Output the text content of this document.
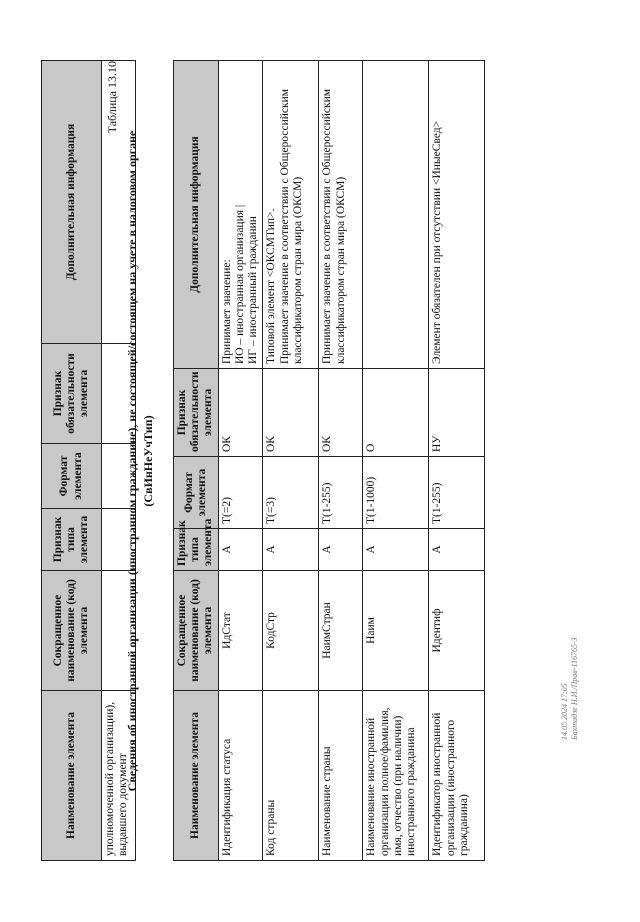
Наименование элемента	Сокращенное наименование (код) элемента	Признак типа элемента	Формат элемента	Признак обязательности элемента	Дополнительная информация
уполномоченной организации), выдавшего документ					
Таблица 13.10
Сведения об иностранной организации (иностранном гражданине), не состоящей/состоящем на учете в налоговом органе (СвИнНеУчТип)
Наименование элемента	Сокращенное наименование (код) элемента	Признак типа элемента	Формат элемента	Признак обязательности элемента	Дополнительная информация
Идентификация статуса	ИдСтат	А	T(=2)	ОК	Принимает значение: ИО – иностранная организация | ИГ – иностранный гражданин

Код страны	КодСтр	А	T(=3)	ОК	Типовой элемент <ОКСМТип>. Принимает значение в соответствии с Общероссийским классификатором стран мира (ОКСМ)

Наименование страны	НаимСтран	А	T(1-255)	ОК	Принимает значение в соответствии с Общероссийским классификатором стран мира (ОКСМ)

Наименование иностранной организации полное/фамилия, имя, отчество (при наличии) иностранного гражданина	Наим	А	T(1-1000)	О	

Идентификатор иностранной организации (иностранного гражданина)	Идентиф	А	T(1-255)	НУ	Элемент обязателен при отсутствии <ИныеСвед>
14.05.2024 17:05 Бахтадзе Н.И./Прав-116765-3
